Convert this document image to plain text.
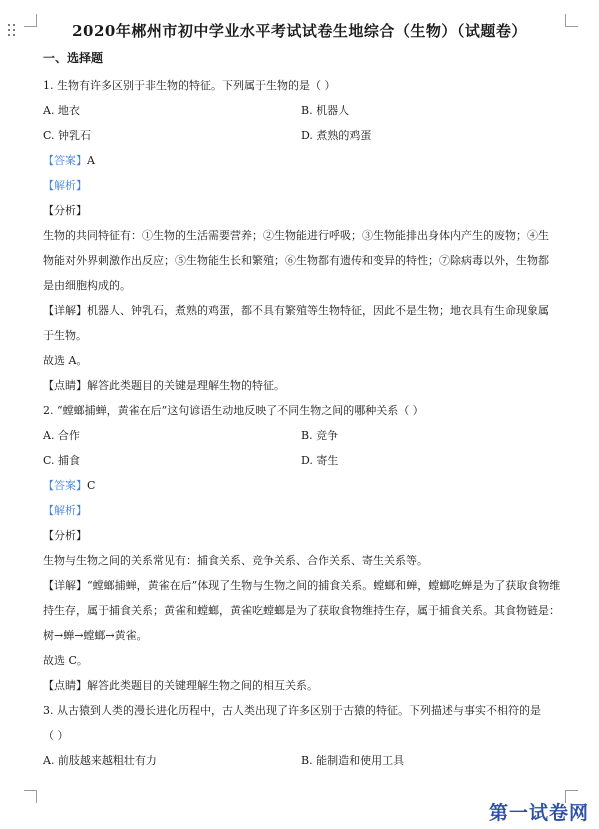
2020年郴州市初中学业水平考试试卷生地综合（生物）（试题卷）
一、选择题
1. 生物有许多区别于非生物的特征。下列属于生物的是（ ）
A. 地衣	B. 机器人
C. 钟乳石	D. 煮熟的鸡蛋
【答案】A
【解析】
【分析】
生物的共同特征有：①生物的生活需要营养；②生物能进行呼吸；③生物能排出身体内产生的废物；④生
物能对外界刺激作出反应；⑤生物能生长和繁殖；⑥生物都有遗传和变异的特性；⑦除病毒以外，生物都
是由细胞构成的。
【详解】机器人、钟乳石，煮熟的鸡蛋，都不具有繁殖等生物特征，因此不是生物；地衣具有生命现象属
于生物。
故选 A。
【点睛】解答此类题目的关键是理解生物的特征。
2. “螳螂捕蝉，黄雀在后”这句谚语生动地反映了不同生物之间的哪种关系（ ）
A. 合作	B. 竞争
C. 捕食	D. 寄生
【答案】C
【解析】
【分析】
生物与生物之间的关系常见有：捕食关系、竞争关系、合作关系、寄生关系等。
【详解】“螳螂捕蝉，黄雀在后”体现了生物与生物之间的捕食关系。螳螂和蝉，螳螂吃蝉是为了获取食物维
持生存，属于捕食关系；黄雀和螳螂，黄雀吃螳螂是为了获取食物维持生存，属于捕食关系。其食物链是：
树→蝉→螳螂→黄雀。
故选 C。
【点睛】解答此类题目的关键理解生物之间的相互关系。
3. 从古猿到人类的漫长进化历程中，古人类出现了许多区别于古猿的特征。下列描述与事实不相符的是
（ ）
A. 前肢越来越粗壮有力	B. 能制造和使用工具
第一试卷网
